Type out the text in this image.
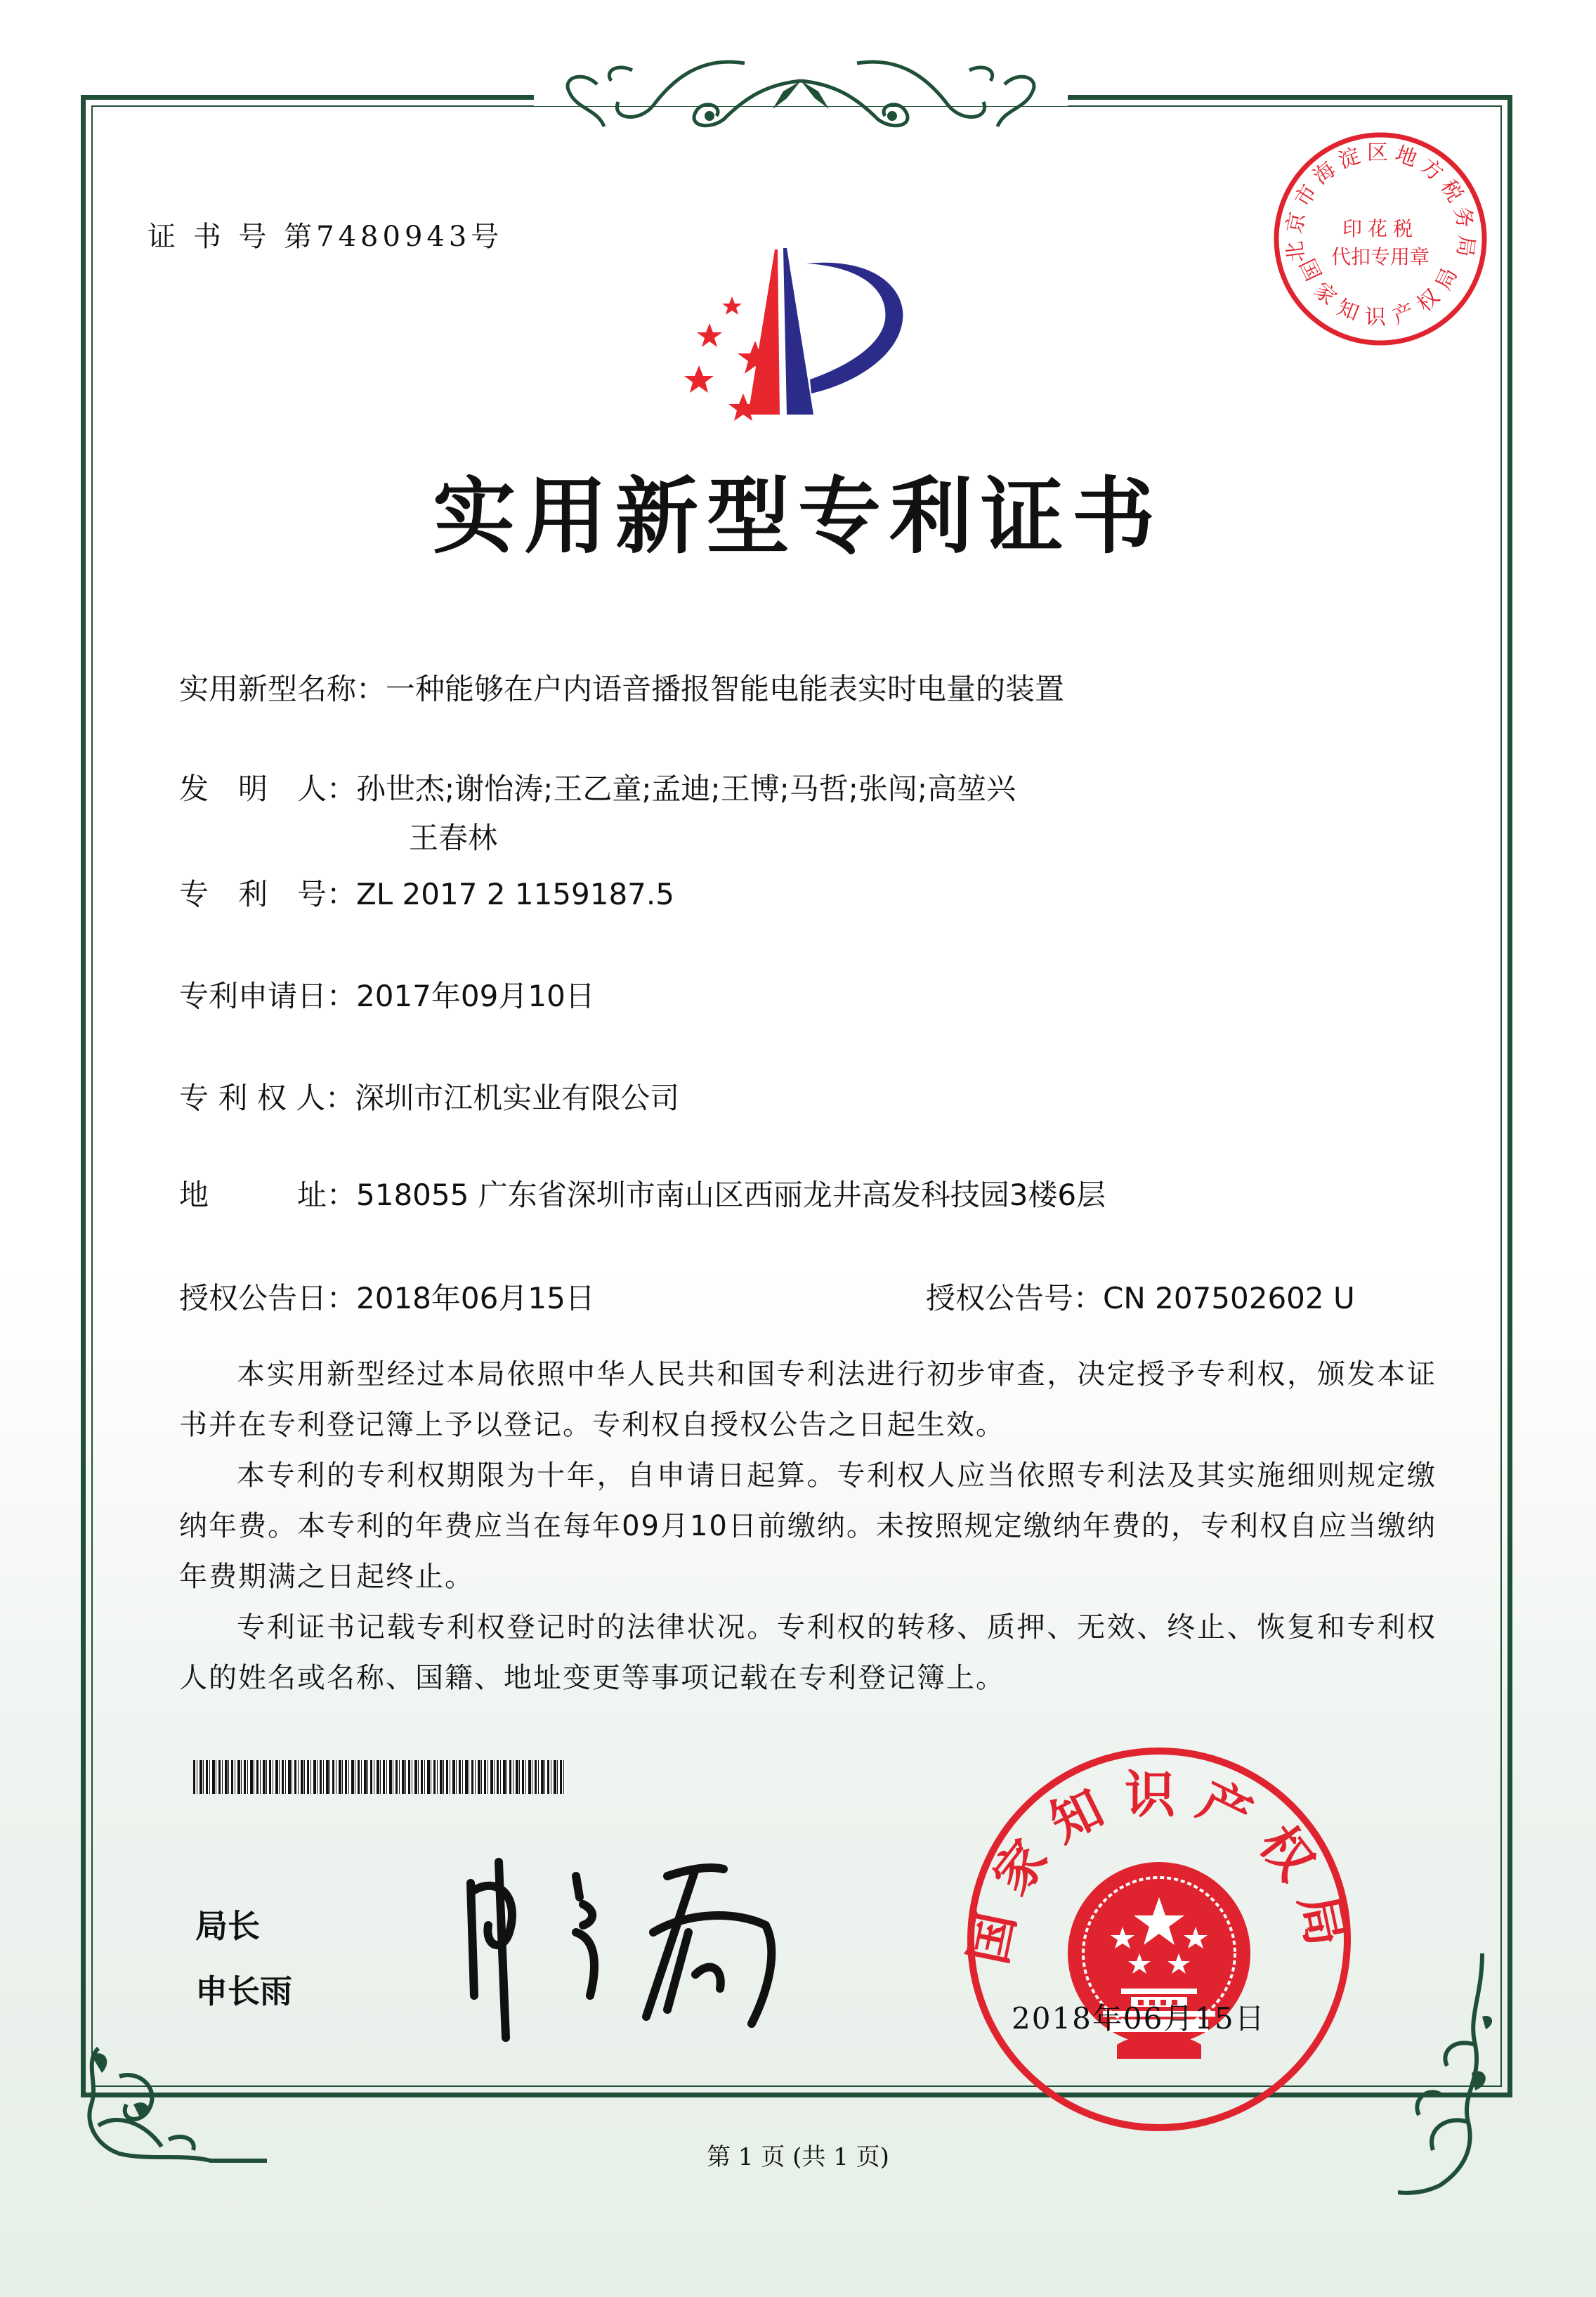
证 书 号 第7480943号	北京市海淀区地方税务局
国家知识产权局
印花税
代扣专用章
实用新型专利证书
实用新型名称：一种能够在户内语音播报智能电能表实时电量的装置
发　明　人：孙世杰;谢怡涛;王乙童;孟迪;王博;马哲;张闯;高堃兴
王春林
专　利　号：ZL 2017 2 1159187.5
专利申请日：2017年09月10日
专 利 权 人：深圳市江机实业有限公司
地　　　址：518055 广东省深圳市南山区西丽龙井高发科技园3楼6层
授权公告日：2018年06月15日	授权公告号：CN 207502602 U
本实用新型经过本局依照中华人民共和国专利法进行初步审查，决定授予专利权，颁发本证书并在专利登记簿上予以登记。专利权自授权公告之日起生效。
本专利的专利权期限为十年，自申请日起算。专利权人应当依照专利法及其实施细则规定缴纳年费。本专利的年费应当在每年09月10日前缴纳。未按照规定缴纳年费的，专利权自应当缴纳年费期满之日起终止。
专利证书记载专利权登记时的法律状况。专利权的转移、质押、无效、终止、恢复和专利权人的姓名或名称、国籍、地址变更等事项记载在专利登记簿上。
局长
申长雨
国家知识产权局
2018年06月15日
第 1 页 (共 1 页)
